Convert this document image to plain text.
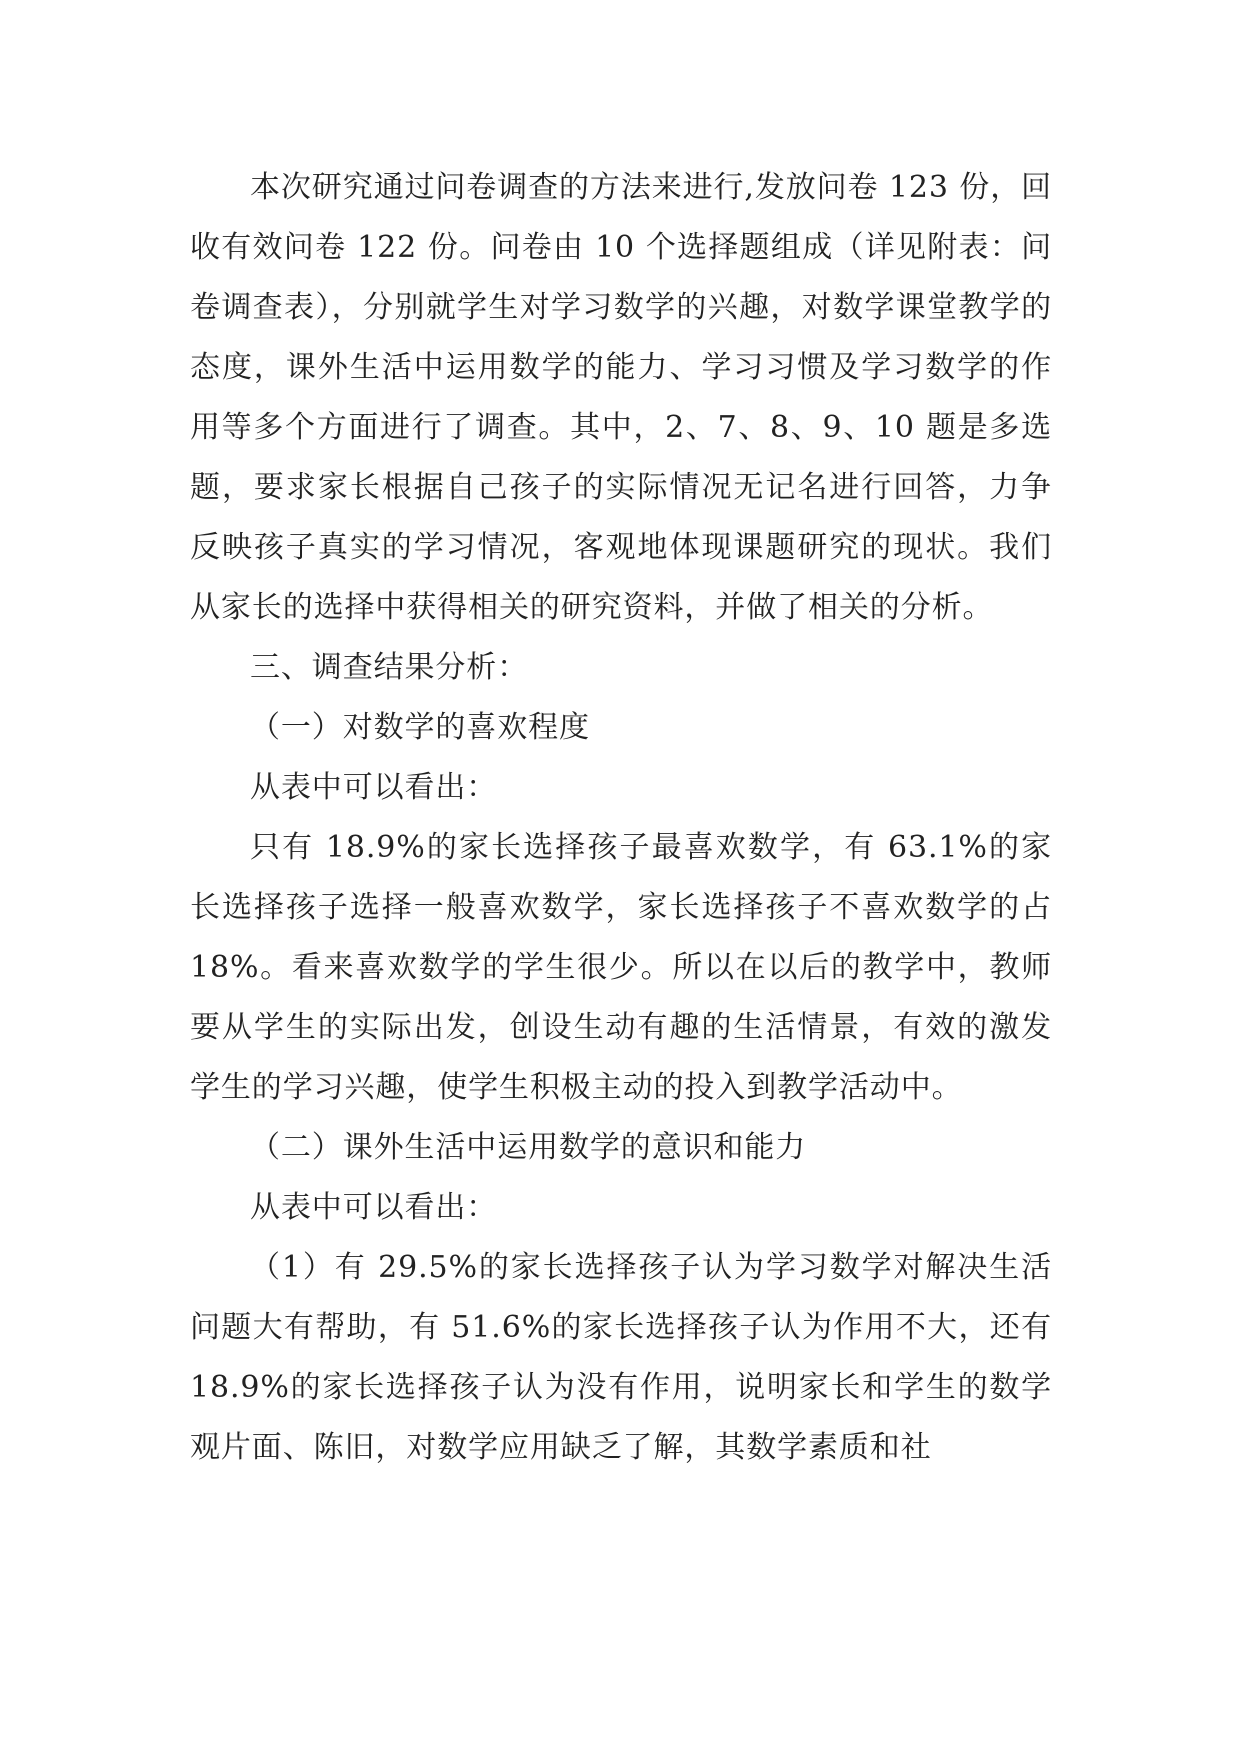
本次研究通过问卷调查的方法来进行,发放问卷 123 份，回收有效问卷 122 份。问卷由 10 个选择题组成（详见附表：问卷调查表），分别就学生对学习数学的兴趣，对数学课堂教学的态度，课外生活中运用数学的能力、学习习惯及学习数学的作用等多个方面进行了调查。其中，2、7、8、9、10 题是多选题，要求家长根据自己孩子的实际情况无记名进行回答，力争反映孩子真实的学习情况，客观地体现课题研究的现状。我们从家长的选择中获得相关的研究资料，并做了相关的分析。

三、调查结果分析：

（一）对数学的喜欢程度

从表中可以看出：

只有 18.9%的家长选择孩子最喜欢数学，有 63.1%的家长选择孩子选择一般喜欢数学，家长选择孩子不喜欢数学的占 18%。看来喜欢数学的学生很少。所以在以后的教学中，教师要从学生的实际出发，创设生动有趣的生活情景，有效的激发学生的学习兴趣，使学生积极主动的投入到教学活动中。

（二）课外生活中运用数学的意识和能力

从表中可以看出：

（1）有 29.5%的家长选择孩子认为学习数学对解决生活问题大有帮助，有 51.6%的家长选择孩子认为作用不大，还有 18.9%的家长选择孩子认为没有作用，说明家长和学生的数学观片面、陈旧，对数学应用缺乏了解，其数学素质和社
